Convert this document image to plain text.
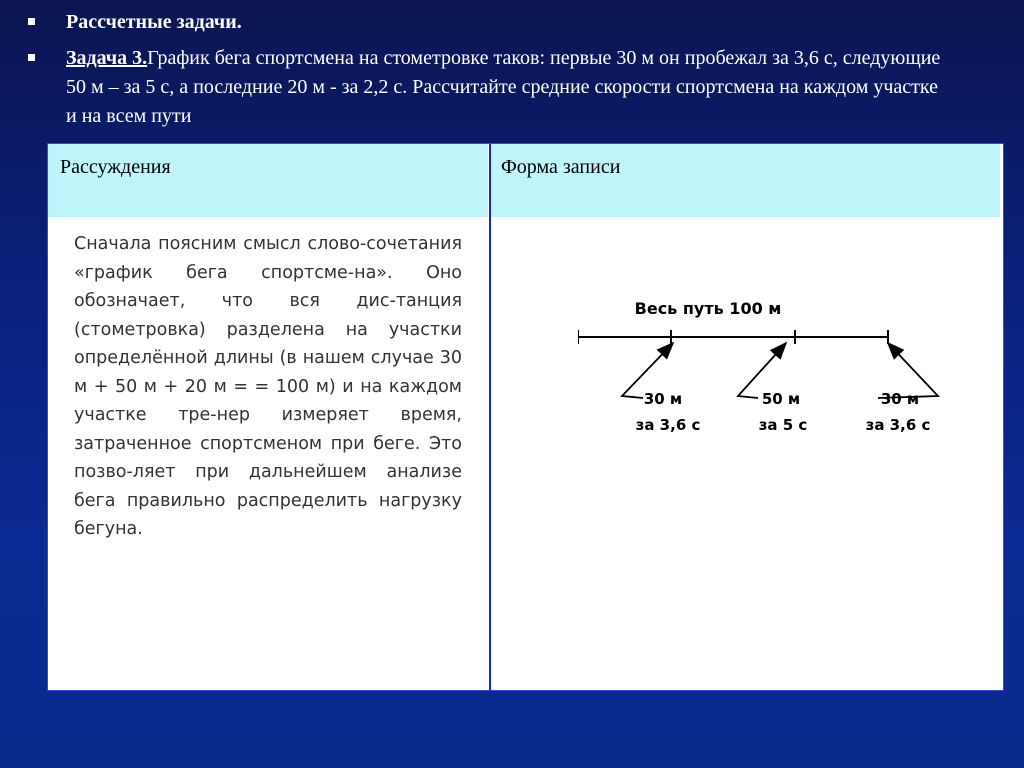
Рассчетные задачи.
Задача 3.График бега спортсмена на стометровке таков: первые 30 м он пробежал за 3,6 с, следующие 50 м – за 5 с, а последние 20 м - за 2,2 с. Рассчитайте средние скорости спортсмена на каждом участке и на всем пути
Рассуждения	Форма записи
Сначала поясним смысл слово-сочетания «график бега спортсме-на». Оно обозначает, что вся дис-танция (стометровка) разделена на участки определённой длины (в нашем случае 30 м + 50 м + 20 м = = 100 м) и на каждом участке тре-нер измеряет время, затраченное спортсменом при беге. Это позво-ляет при дальнейшем анализе бега правильно распределить нагрузку бегуна.
Весь путь 100 м
30 м
за 3,6 с
50 м
за 5 с
30 м
за 3,6 с
